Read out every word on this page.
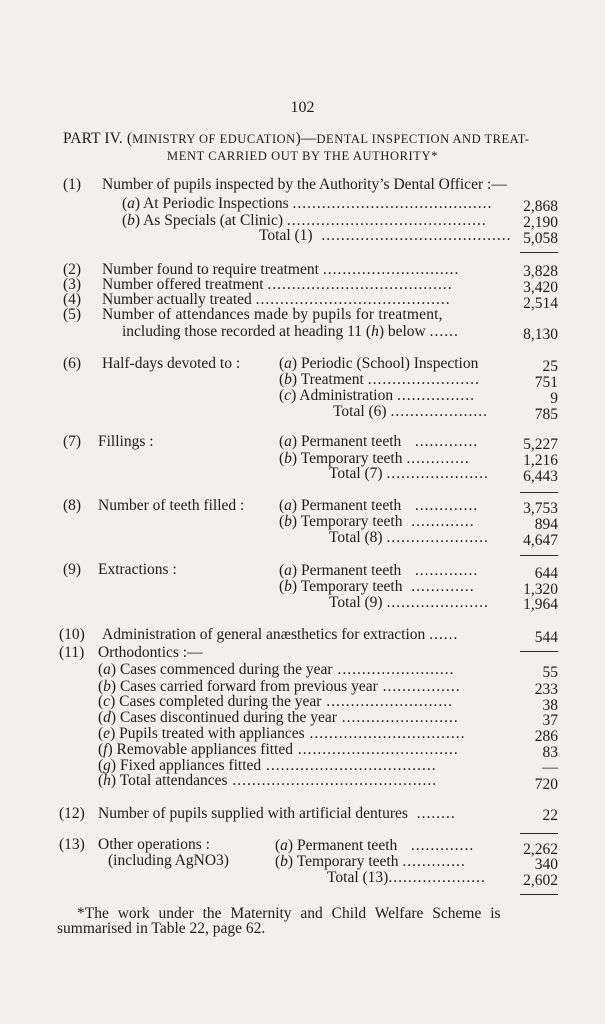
102
PART IV. (MINISTRY OF EDUCATION)—DENTAL INSPECTION AND TREAT-
MENT CARRIED OUT BY THE AUTHORITY*
(1) Number of pupils inspected by the Authority’s Dental Officer :—
(a) At Periodic Inspections .........................................	2,868
(b) As Specials (at Clinic) .........................................	2,190
Total (1)  ....................................... 5,058
(2) Number found to require treatment ............................	3,828
(3) Number offered treatment ......................................	3,420
(4) Number actually treated ........................................	2,514
(5) Number of attendances made by pupils for treatment,
including those recorded at heading 11 (h) below ......	8,130
(6) Half-days devoted to :	(a) Periodic (School) Inspection	25
(b) Treatment .......................	751
(c) Administration ................	9
Total (6) ....................	785
(7) Fillings :	(a) Permanent teeth   .............	5,227
(b) Temporary teeth .............	1,216
Total (7) .....................	6,443
(8) Number of teeth filled : (a) Permanent teeth   .............	3,753
(b) Temporary teeth  .............	894
Total (8) .....................	4,647
(9) Extractions :	(a) Permanent teeth   .............	644
(b) Temporary teeth  .............	1,320
Total (9) .....................	1,964
(10) Administration of general anæsthetics for extraction ......	544
(11) Orthodontics :—
(a) Cases commenced during the year ........................	55
(b) Cases carried forward from previous year ................	233
(c) Cases completed during the year ..........................	38
(d) Cases discontinued during the year ........................	37
(e) Pupils treated with appliances ................................	286
(f) Removable appliances fitted .................................	83
(g) Fixed appliances fitted ...................................	—
(h) Total attendances ..........................................	720
(12) Number of pupils supplied with artificial dentures  ........	22
(13) Other operations :
(including AgNO3)
(a) Permanent teeth   .............	2,262
(b) Temporary teeth .............	340
Total (13)....................	2,602
*The work under the Maternity and Child Welfare Scheme is
summarised in Table 22, page 62.
